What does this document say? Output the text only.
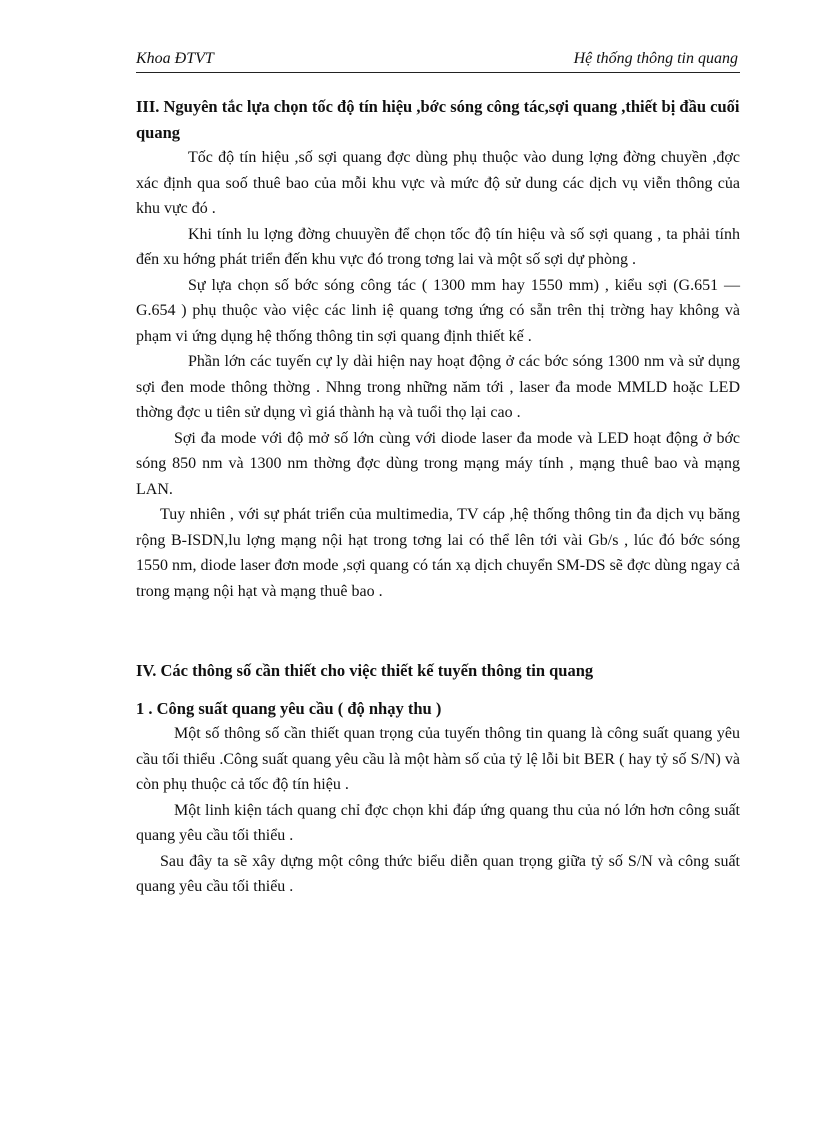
Khoa ĐTVT	Hệ thống thông tin quang
III. Nguyên tắc lựa chọn tốc độ tín hiệu ,bớc sóng công tác,sợi quang ,thiết bị đầu cuối quang

Tốc độ tín hiệu ,số sợi quang đợc dùng phụ thuộc vào dung lợng đờng chuyền ,đợc xác định qua soố thuê bao của mỗi khu vực và mức độ sử dung các dịch vụ viễn thông của khu vực đó .

Khi tính lu lợng đờng chuuyền để chọn tốc độ tín hiệu và số sợi quang , ta phải tính đến xu hớng phát triển đến khu vực đó trong tơng lai và một số sợi dự phòng .

Sự lựa chọn số bớc sóng công tác ( 1300 mm hay 1550 mm) , kiểu sợi (G.651 — G.654 ) phụ thuộc vào việc các linh iệ quang tơng ứng có sẵn trên thị trờng hay không và phạm vi ứng dụng hệ thống thông tin sợi quang định thiết kế .

Phần lớn các tuyến cự ly dài hiện nay hoạt động ở các bớc sóng 1300 nm và sử dụng sợi đen mode thông thờng . Nhng trong những năm tới , laser đa mode MMLD hoặc LED thờng đợc u tiên sử dụng vì giá thành hạ và tuổi thọ lại cao .

Sợi đa mode với độ mở số lớn cùng với diode laser đa mode và LED hoạt động ở bớc sóng 850 nm và 1300 nm thờng đợc dùng trong mạng máy tính , mạng thuê bao và mạng LAN.

Tuy nhiên , với sự phát triển của multimedia, TV cáp ,hệ thống thông tin đa dịch vụ băng rộng B-ISDN,lu lợng mạng nội hạt trong tơng lai có thể lên tới vài Gb/s , lúc đó bớc sóng 1550 nm, diode laser đơn mode ,sợi quang có tán xạ dịch chuyển SM-DS sẽ đợc dùng ngay cả trong mạng nội hạt và mạng thuê bao .

IV. Các thông số cần thiết cho việc thiết kế tuyến thông tin quang
1 . Công suất quang yêu cầu ( độ nhạy thu )

Một số thông số cần thiết quan trọng của tuyến thông tin quang là công suất quang yêu cầu tối thiểu .Công suất quang yêu cầu là một hàm số của tỷ lệ lỗi bit BER ( hay tỷ số S/N) và còn phụ thuộc cả tốc độ tín hiệu .

Một linh kiện tách quang chỉ đợc chọn khi đáp ứng quang thu của nó lớn hơn công suất quang yêu cầu tối thiểu .

Sau đây ta sẽ xây dựng một công thức biểu diễn quan trọng giữa tỷ số S/N và công suất quang yêu cầu tối thiểu .
